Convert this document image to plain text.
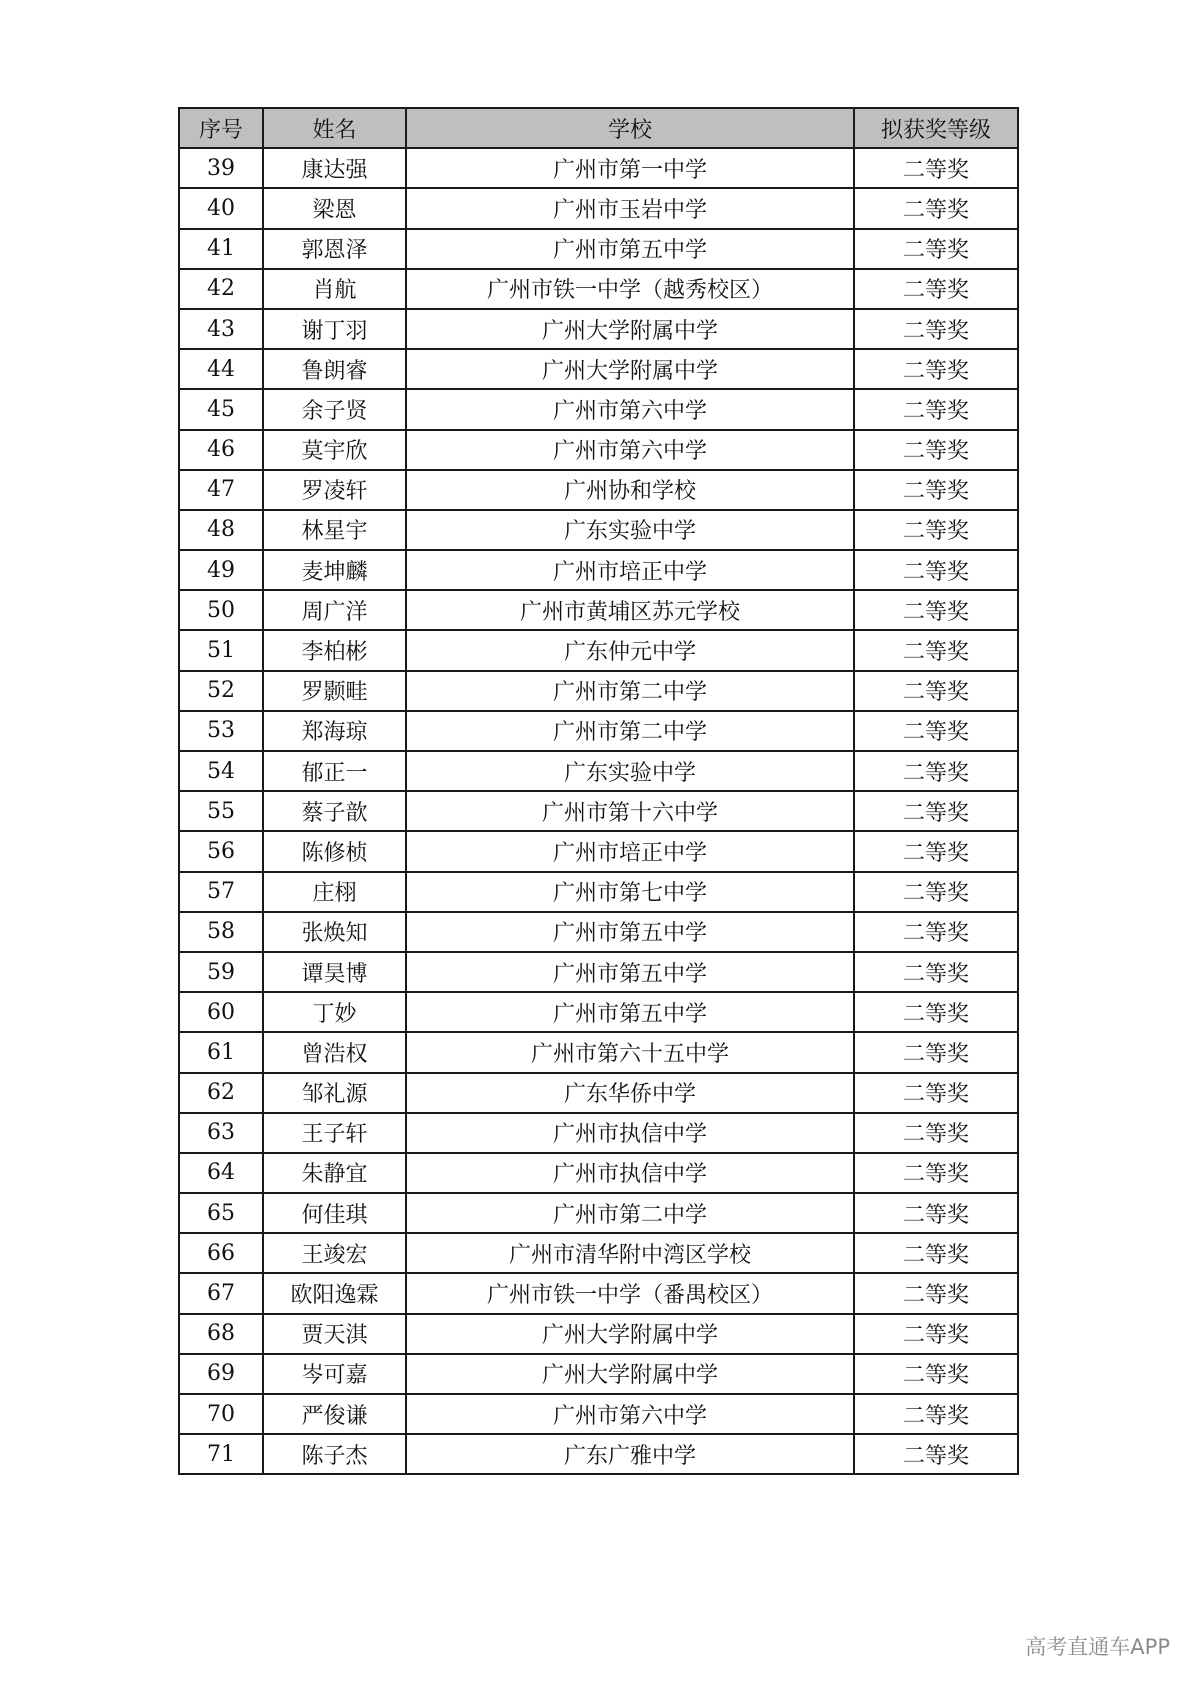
序号	姓名	学校	拟获奖等级
39	康达强	广州市第一中学	二等奖
40	梁恩	广州市玉岩中学	二等奖
41	郭恩泽	广州市第五中学	二等奖
42	肖航	广州市铁一中学（越秀校区）	二等奖
43	谢丁羽	广州大学附属中学	二等奖
44	鲁朗睿	广州大学附属中学	二等奖
45	余子贤	广州市第六中学	二等奖
46	莫宇欣	广州市第六中学	二等奖
47	罗凌轩	广州协和学校	二等奖
48	林星宇	广东实验中学	二等奖
49	麦坤麟	广州市培正中学	二等奖
50	周广洋	广州市黄埔区苏元学校	二等奖
51	李柏彬	广东仲元中学	二等奖
52	罗颢畦	广州市第二中学	二等奖
53	郑海琼	广州市第二中学	二等奖
54	郁正一	广东实验中学	二等奖
55	蔡子歆	广州市第十六中学	二等奖
56	陈修桢	广州市培正中学	二等奖
57	庄栩	广州市第七中学	二等奖
58	张焕知	广州市第五中学	二等奖
59	谭昊博	广州市第五中学	二等奖
60	丁妙	广州市第五中学	二等奖
61	曾浩权	广州市第六十五中学	二等奖
62	邹礼源	广东华侨中学	二等奖
63	王子轩	广州市执信中学	二等奖
64	朱静宜	广州市执信中学	二等奖
65	何佳琪	广州市第二中学	二等奖
66	王竣宏	广州市清华附中湾区学校	二等奖
67	欧阳逸霖	广州市铁一中学（番禺校区）	二等奖
68	贾天淇	广州大学附属中学	二等奖
69	岑可嘉	广州大学附属中学	二等奖
70	严俊谦	广州市第六中学	二等奖
71	陈子杰	广东广雅中学	二等奖
高考直通车APP
